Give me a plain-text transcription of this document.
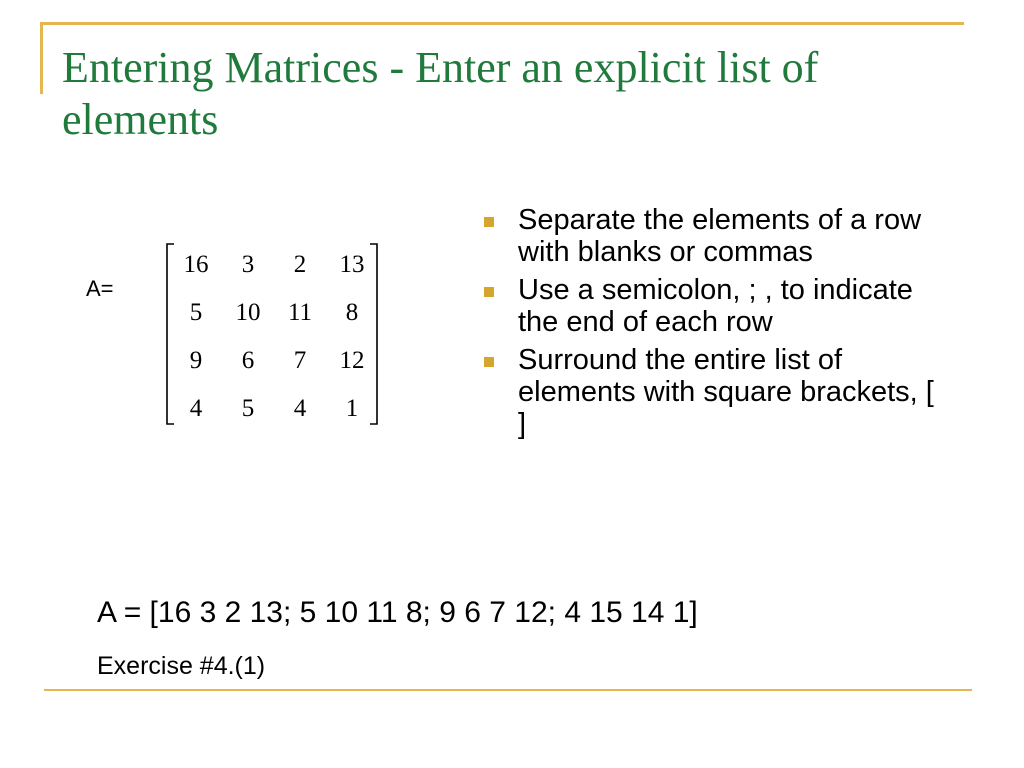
Entering Matrices - Enter an explicit list of elements
A=
16	3	2	13
5	10	11	8
9	6	7	12
4	5	4	1
Separate the elements of a row with blanks or commas
Use a semicolon, ; , to indicate the end of each row
Surround the entire list of elements with square brackets, [ ]
A = [16 3 2 13; 5 10 11 8; 9 6 7 12; 4 15 14 1]
Exercise #4.(1)
